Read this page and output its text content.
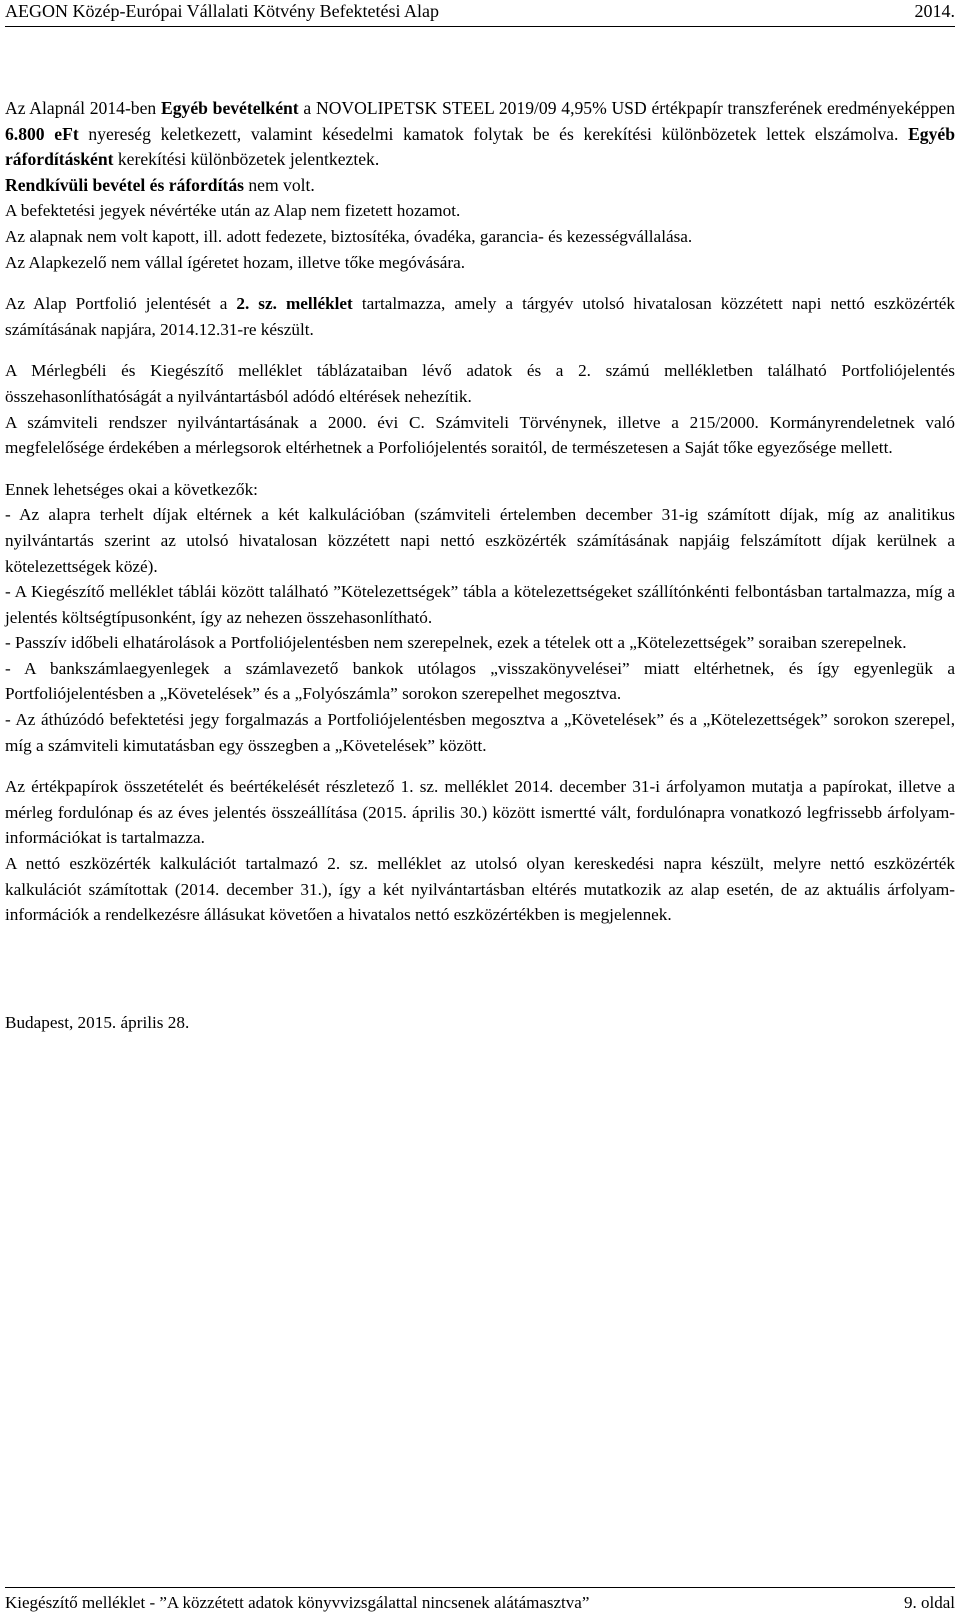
AEGON Közép-Európai Vállalati Kötvény Befektetési Alap	2014.

Az Alapnál 2014-ben Egyéb bevételként a NOVOLIPETSK STEEL 2019/09 4,95% USD értékpapír transzferének eredményeképpen 6.800 eFt nyereség keletkezett, valamint késedelmi kamatok folytak be és kerekítési különbözetek lettek elszámolva. Egyéb ráfordításként kerekítési különbözetek jelentkeztek.

Rendkívüli bevétel és ráfordítás nem volt.

A befektetési jegyek névértéke után az Alap nem fizetett hozamot.

Az alapnak nem volt kapott, ill. adott fedezete, biztosítéka, óvadéka, garancia- és kezességvállalása.

Az Alapkezelő nem vállal ígéretet hozam, illetve tőke megóvására.

Az Alap Portfolió jelentését a 2. sz. melléklet tartalmazza, amely a tárgyév utolsó hivatalosan közzétett napi nettó eszközérték számításának napjára, 2014.12.31-re készült.

A Mérlegbéli és Kiegészítő melléklet táblázataiban lévő adatok és a 2. számú mellékletben található Portfoliójelentés összehasonlíthatóságát a nyilvántartásból adódó eltérések nehezítik.

A számviteli rendszer nyilvántartásának a 2000. évi C. Számviteli Törvénynek, illetve a 215/2000. Kormányrendeletnek való megfelelősége érdekében a mérlegsorok eltérhetnek a Porfoliójelentés soraitól, de természetesen a Saját tőke egyezősége mellett.

Ennek lehetséges okai a következők:

- Az alapra terhelt díjak eltérnek a két kalkulációban (számviteli értelemben december 31-ig számított díjak, míg az analitikus nyilvántartás szerint az utolsó hivatalosan közzétett napi nettó eszközérték számításának napjáig felszámított díjak kerülnek a kötelezettségek közé).

- A Kiegészítő melléklet táblái között található ”Kötelezettségek” tábla a kötelezettségeket szállítónkénti felbontásban tartalmazza, míg a jelentés költségtípusonként, így az nehezen összehasonlítható.

- Passzív időbeli elhatárolások a Portfoliójelentésben nem szerepelnek, ezek a tételek ott a „Kötelezettségek” soraiban szerepelnek.

- A bankszámlaegyenlegek a számlavezető bankok utólagos „visszakönyvelései” miatt eltérhetnek, és így egyenlegük a Portfoliójelentésben a „Követelések” és a „Folyószámla” sorokon szerepelhet megosztva.

- Az áthúzódó befektetési jegy forgalmazás a Portfoliójelentésben megosztva a „Követelések” és a „Kötelezettségek” sorokon szerepel, míg a számviteli kimutatásban egy összegben a „Követelések” között.

Az értékpapírok összetételét és beértékelését részletező 1. sz. melléklet 2014. december 31-i árfolyamon mutatja a papírokat, illetve a mérleg fordulónap és az éves jelentés összeállítása (2015. április 30.) között ismertté vált, fordulónapra vonatkozó legfrissebb árfolyam-információkat is tartalmazza.

A nettó eszközérték kalkulációt tartalmazó 2. sz. melléklet az utolsó olyan kereskedési napra készült, melyre nettó eszközérték kalkulációt számítottak (2014. december 31.), így a két nyilvántartásban eltérés mutatkozik az alap esetén, de az aktuális árfolyam-információk a rendelkezésre állásukat követően a hivatalos nettó eszközértékben is megjelennek.

Budapest, 2015. április 28.

Kiegészítő melléklet - ”A közzétett adatok könyvvizsgálattal nincsenek alátámasztva”	9. oldal
